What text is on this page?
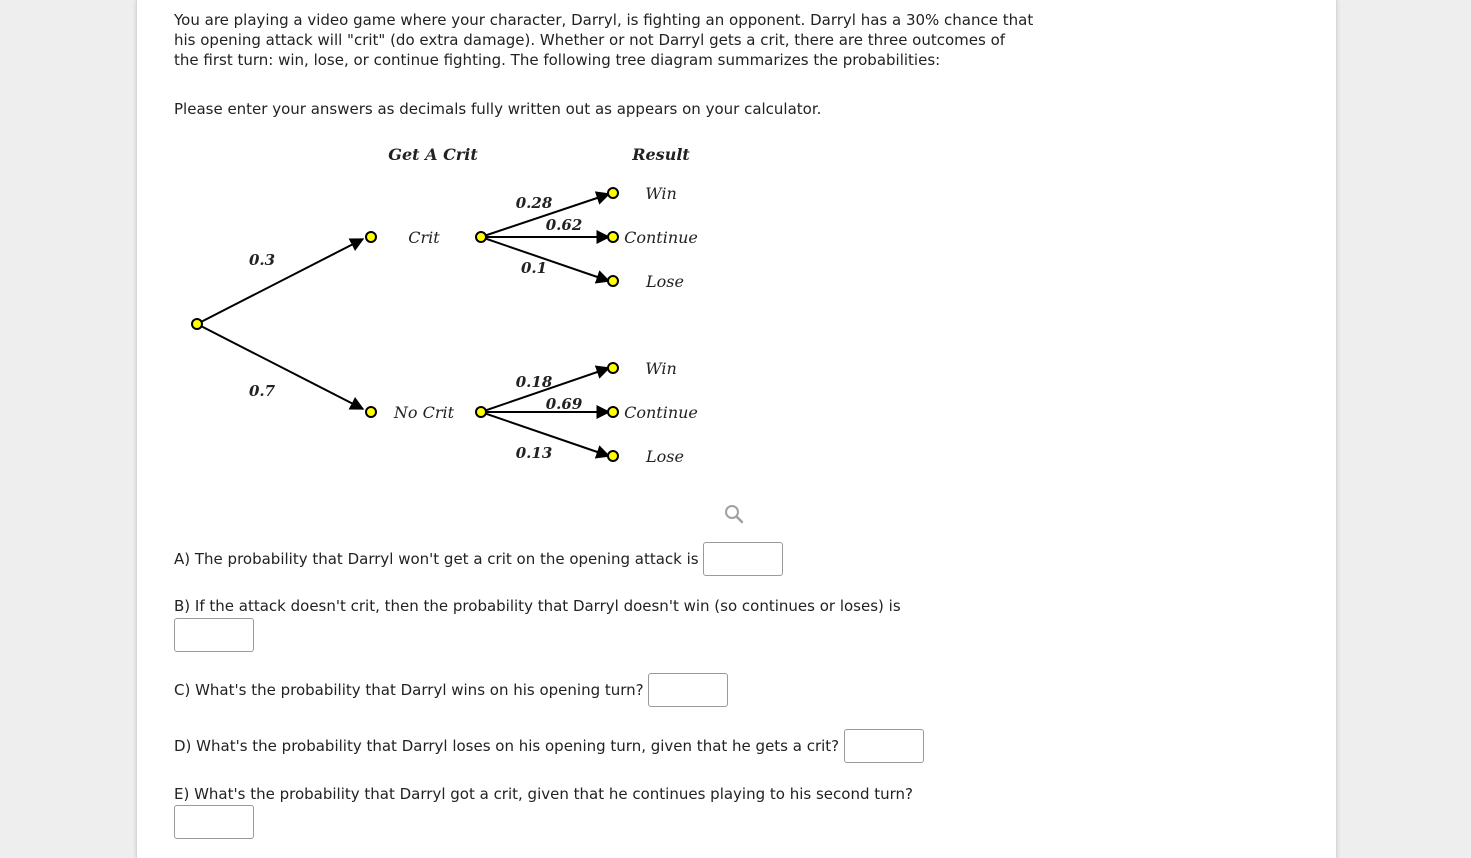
You are playing a video game where your character, Darryl, is fighting an opponent. Darryl has a 30% chance that his opening attack will "crit" (do extra damage). Whether or not Darryl gets a crit, there are three outcomes of the first turn: win, lose, or continue fighting. The following tree diagram summarizes the probabilities:

Please enter your answers as decimals fully written out as appears on your calculator.

Get A Crit	Result
0.3
0.7
0.28
0.62
0.1
0.18
0.69
0.13
Crit
No Crit
Win
Continue
Lose
Win
Continue
Lose
A) The probability that Darryl won't get a crit on the opening attack is
B) If the attack doesn't crit, then the probability that Darryl doesn't win (so continues or loses) is
C) What's the probability that Darryl wins on his opening turn?
D) What's the probability that Darryl loses on his opening turn, given that he gets a crit?
E) What's the probability that Darryl got a crit, given that he continues playing to his second turn?
